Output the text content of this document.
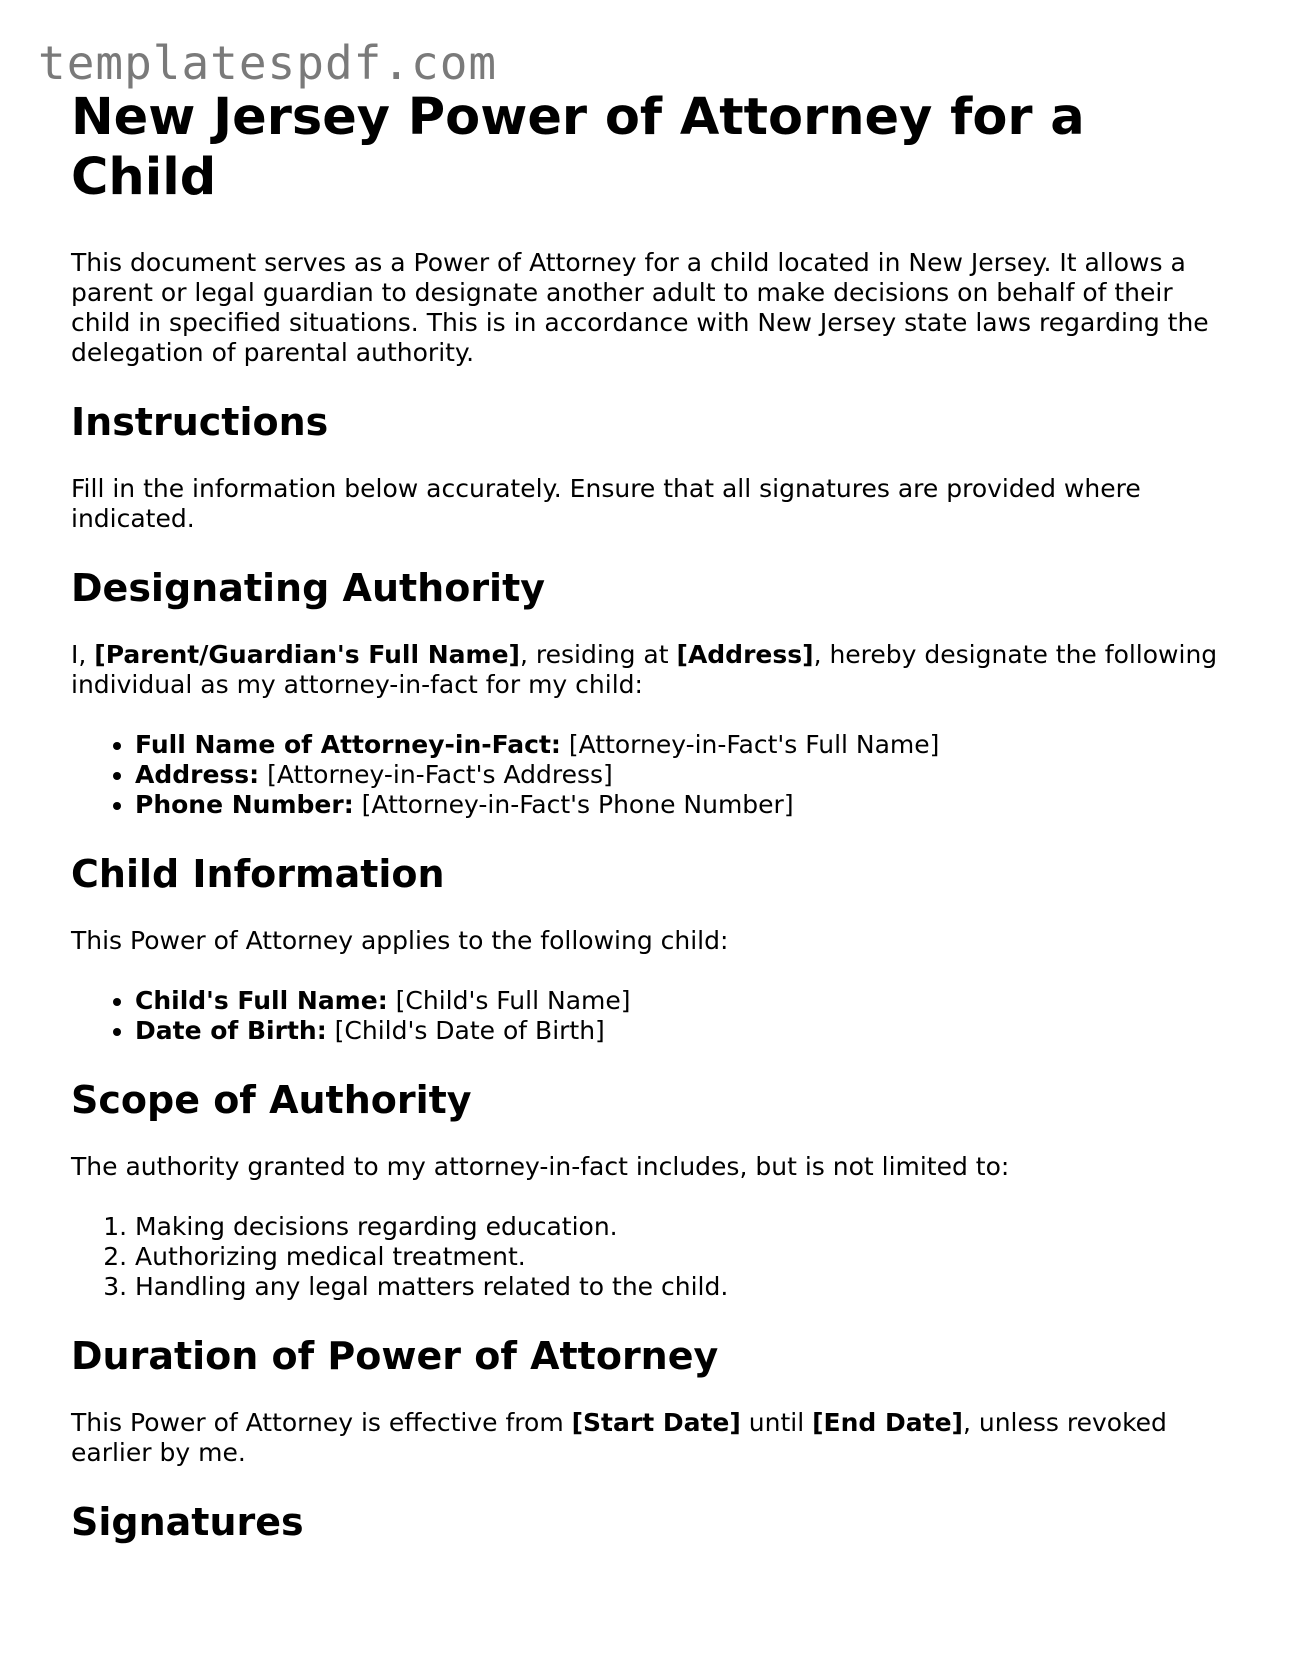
templatespdf.com
New Jersey Power of Attorney for a Child

This document serves as a Power of Attorney for a child located in New Jersey. It allows a parent or legal guardian to designate another adult to make decisions on behalf of their child in specified situations. This is in accordance with New Jersey state laws regarding the delegation of parental authority.

Instructions

Fill in the information below accurately. Ensure that all signatures are provided where indicated.

Designating Authority

I, [Parent/Guardian's Full Name], residing at [Address], hereby designate the following individual as my attorney-in-fact for my child:

• Full Name of Attorney-in-Fact: [Attorney-in-Fact's Full Name]
• Address: [Attorney-in-Fact's Address]
• Phone Number: [Attorney-in-Fact's Phone Number]
Child Information

This Power of Attorney applies to the following child:

• Child's Full Name: [Child's Full Name]
• Date of Birth: [Child's Date of Birth]
Scope of Authority

The authority granted to my attorney-in-fact includes, but is not limited to:

1. Making decisions regarding education.
2. Authorizing medical treatment.
3. Handling any legal matters related to the child.
Duration of Power of Attorney

This Power of Attorney is effective from [Start Date] until [End Date], unless revoked earlier by me.

Signatures
